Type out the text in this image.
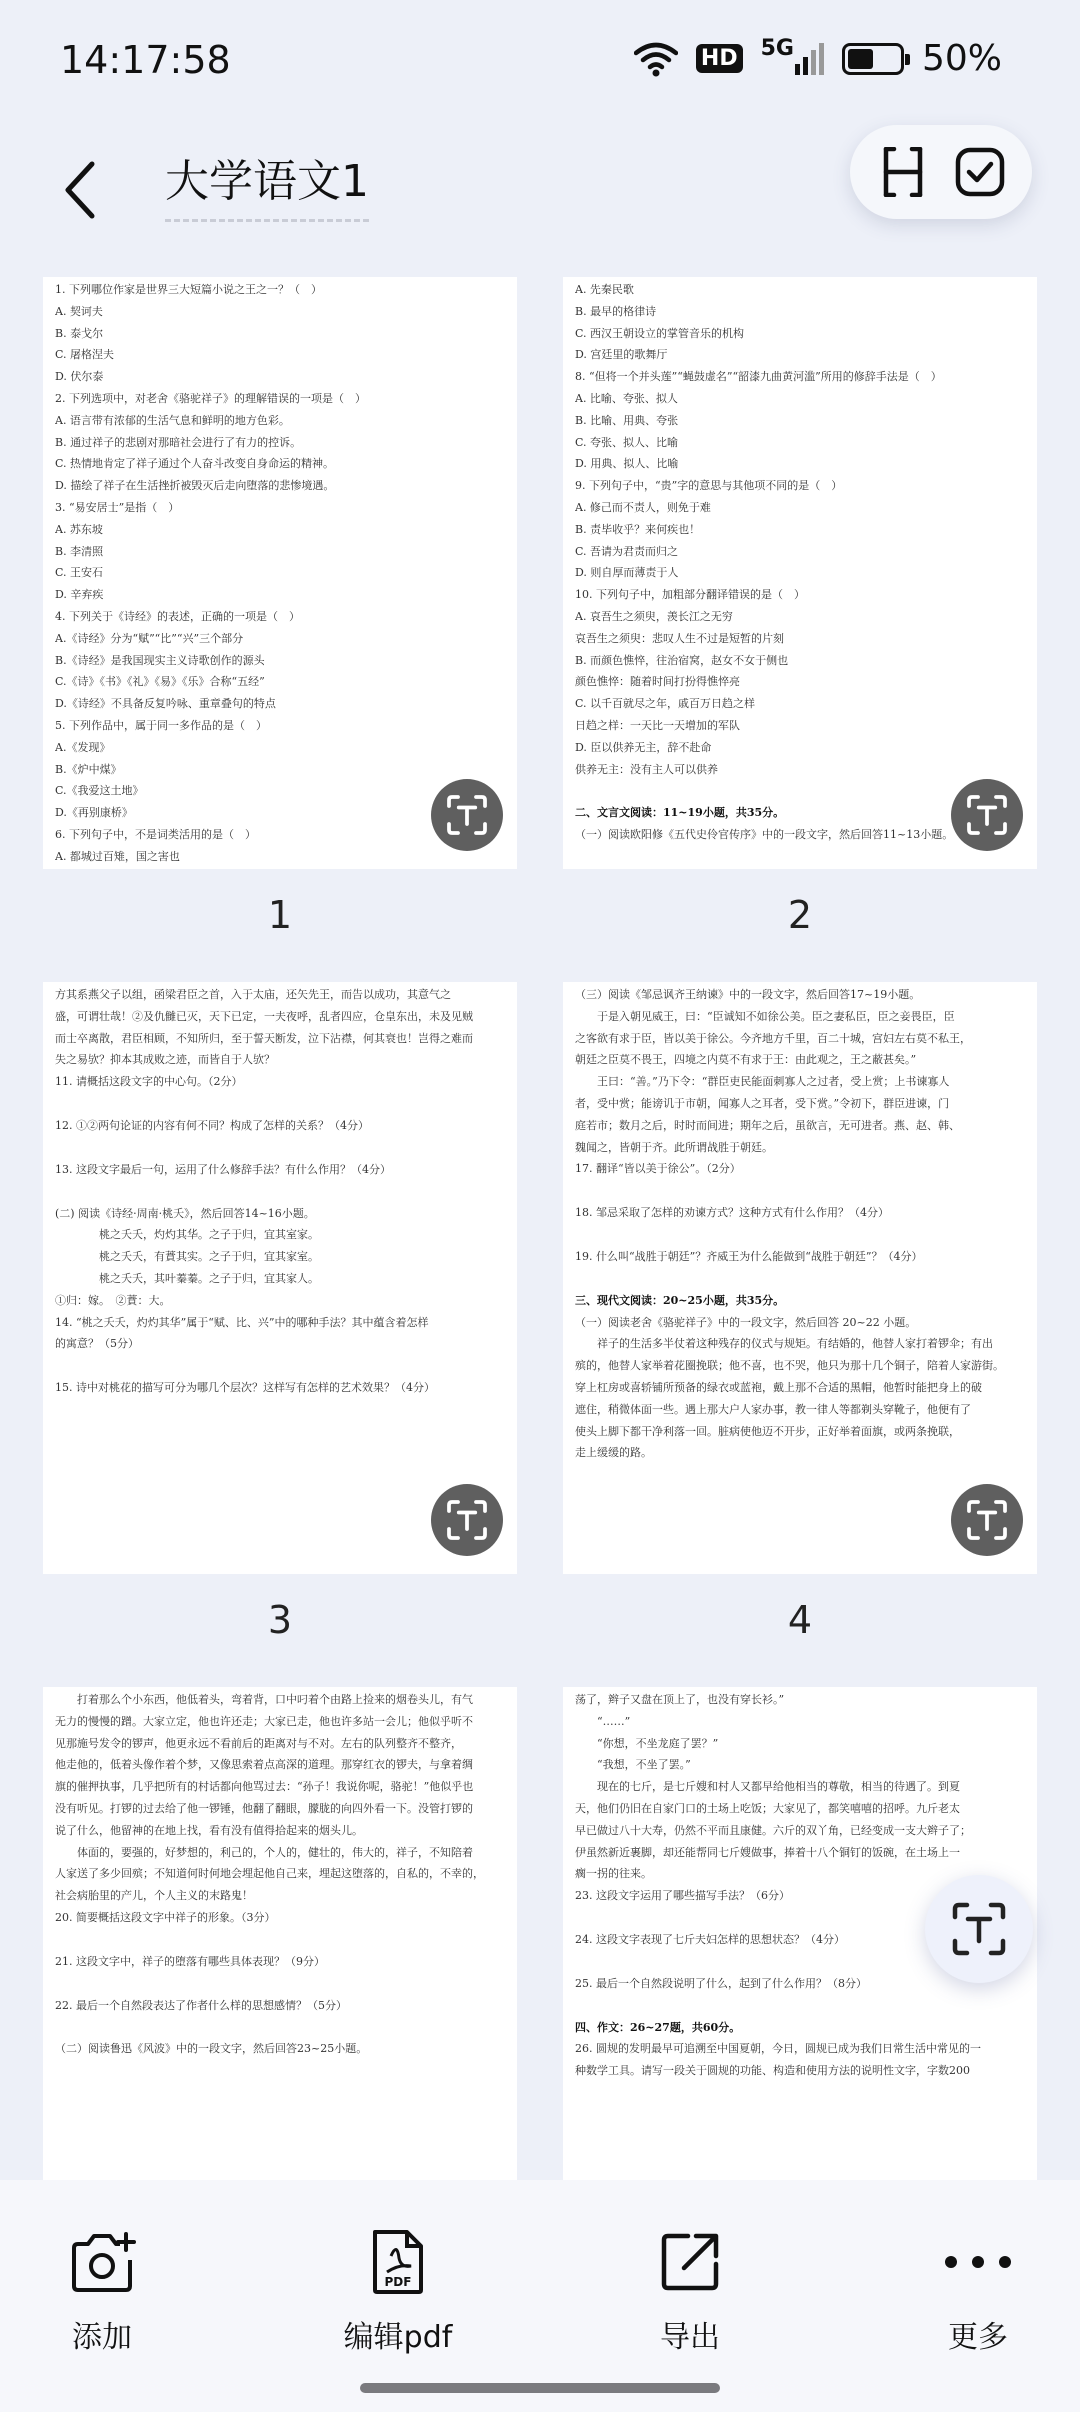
14:17:58	HD 5G	50%
大学语文1
1. 下列哪位作家是世界三大短篇小说之王之一？（　）
A. 契诃夫
B. 泰戈尔
C. 屠格涅夫
D. 伏尔泰
2. 下列选项中，对老舍《骆驼祥子》的理解错误的一项是（　）
A. 语言带有浓郁的生活气息和鲜明的地方色彩。
B. 通过祥子的悲剧对那暗社会进行了有力的控诉。
C. 热情地肯定了祥子通过个人奋斗改变自身命运的精神。
D. 描绘了祥子在生活挫折被毁灭后走向堕落的悲惨境遇。
3. “易安居士”是指（　）
A. 苏东坡
B. 李清照
C. 王安石
D. 辛弃疾
4. 下列关于《诗经》的表述，正确的一项是（　）
A.《诗经》分为“赋”“比”“兴”三个部分
B.《诗经》是我国现实主义诗歌创作的源头
C.《诗》《书》《礼》《易》《乐》合称“五经”
D.《诗经》不具备反复吟咏、重章叠句的特点
5. 下列作品中，属于同一多作品的是（　）
A.《发现》
B.《炉中煤》
C.《我爱这土地》
D.《再别康桥》
6. 下列句子中，不是词类活用的是（　）
A. 都城过百雉，国之害也
1
A. 先秦民歌
B. 最早的格律诗
C. 西汉王朝设立的掌管音乐的机构
D. 宫廷里的歌舞厅
8. “但将一个并头莲”“蝇鼓虚名”“韶漆九曲黄河滥”所用的修辞手法是（　）
A. 比喻、夸张、拟人
B. 比喻、用典、夸张
C. 夸张、拟人、比喻
D. 用典、拟人、比喻
9. 下列句子中，“贵”字的意思与其他项不同的是（　）
A. 修己而不责人，则免于难
B. 责毕收乎？来何疾也！
C. 吾请为君责而归之
D. 则自厚而薄责于人
10. 下列句子中，加粗部分翻译错误的是（　）
A. 哀吾生之须臾，羡长江之无穷
哀吾生之须臾：悲叹人生不过是短暂的片刻
B. 而颜色憔悴，往治宿窝，赵女不女于侧也
颜色憔悴：随着时间打扮得憔悴亮
C. 以千百就尽之年，戚百万日趋之样
日趋之样：一天比一天增加的军队
D. 臣以供养无主，辞不赴命
供养无主：没有主人可以供养
二、文言文阅读：11~19小题，共35分。
（一）阅读欧阳修《五代史伶官传序》中的一段文字，然后回答11~13小题。
2
方其系燕父子以组，函梁君臣之首，入于太庙，还矢先王，而告以成功，其意气之
盛，可谓壮哉！②及仇雠已灭，天下已定，一夫夜呼，乱者四应，仓皇东出，未及见贼
而士卒离散，君臣相顾，不知所归，至于誓天断发，泣下沾襟，何其衰也！岂得之难而
失之易欤？抑本其成败之迹，而皆自于人欤？
11. 请概括这段文字的中心句。（2分）
12. ①②两句论证的内容有何不同？构成了怎样的关系？（4分）
13. 这段文字最后一句，运用了什么修辞手法？有什么作用？（4分）
(二) 阅读《诗经·周南·桃夭》，然后回答14~16小题。
　　　　桃之夭夭，灼灼其华。之子于归，宜其室家。
　　　　桃之夭夭，有蕡其实。之子于归，宜其家室。
　　　　桃之夭夭，其叶蓁蓁。之子于归，宜其家人。
①归：嫁。　②蕡：大。
14. “桃之夭夭，灼灼其华”属于“赋、比、兴”中的哪种手法？其中蕴含着怎样
的寓意？（5分）
15. 诗中对桃花的描写可分为哪几个层次？这样写有怎样的艺术效果？（4分）
3
（三）阅读《邹忌讽齐王纳谏》中的一段文字，然后回答17~19小题。
　　于是入朝见威王，曰：“臣诚知不如徐公美。臣之妻私臣，臣之妾畏臣，臣
之客欲有求于臣，皆以美于徐公。今齐地方千里，百二十城，宫妇左右莫不私王，
朝廷之臣莫不畏王，四境之内莫不有求于王：由此观之，王之蔽甚矣。”
　　王曰：“善。”乃下令：“群臣吏民能面刺寡人之过者，受上赏；上书谏寡人
者，受中赏；能谤讥于市朝，闻寡人之耳者，受下赏。”令初下，群臣进谏，门
庭若市；数月之后，时时而间进；期年之后，虽欲言，无可进者。燕、赵、韩、
魏闻之，皆朝于齐。此所谓战胜于朝廷。
17. 翻译“皆以美于徐公”。（2分）
18. 邹忌采取了怎样的劝谏方式？这种方式有什么作用？（4分）
19. 什么叫“战胜于朝廷”？齐威王为什么能做到“战胜于朝廷”？（4分）
三、现代文阅读：20~25小题，共35分。
（一）阅读老舍《骆驼祥子》中的一段文字，然后回答 20~22 小题。
　　祥子的生活多半仗着这种残存的仪式与规矩。有结婚的，他替人家打着锣伞；有出
殡的，他替人家举着花圈挽联；他不喜，也不哭，他只为那十几个铜子，陪着人家游街。
穿上杠房或喜轿铺所预备的绿衣或蓝袍，戴上那不合适的黑帽，他暂时能把身上的破
遮住，稍微体面一些。遇上那大户人家办事，教一律人等都剃头穿靴子，他便有了
使头上脚下都干净利落一回。脏病使他迈不开步，正好举着面旗，或两条挽联，
走上缓缓的路。
4
　　打着那么个小东西，他低着头，弯着背，口中叼着个由路上捡来的烟卷头儿，有气
无力的慢慢的蹭。大家立定，他也许还走；大家已走，他也许多站一会儿；他似乎听不
见那施号发令的锣声，他更永远不看前后的距离对与不对。左右的队列整齐不整齐，
他走他的，低着头像作着个梦，又像思索着点高深的道理。那穿红衣的锣夫，与拿着绸
旗的催押执事，几乎把所有的村话都向他骂过去：“孙子！我说你呢，骆驼！”他似乎也
没有听见。打锣的过去给了他一锣锤，他翻了翻眼，朦胧的向四外看一下。没管打锣的
说了什么，他留神的在地上找，看有没有值得拾起来的烟头儿。
　　体面的，要强的，好梦想的，利己的，个人的，健壮的，伟大的，祥子，不知陪着
人家送了多少回殡；不知道何时何地会埋起他自己来，埋起这堕落的，自私的，不幸的，
社会病胎里的产儿，个人主义的末路鬼！
20. 简要概括这段文字中祥子的形象。（3分）
21. 这段文字中，祥子的堕落有哪些具体表现？（9分）
22. 最后一个自然段表达了作者什么样的思想感情？（5分）
（二）阅读鲁迅《风波》中的一段文字，然后回答23~25小题。
荡了，辫子又盘在顶上了，也没有穿长衫。”
　　“……”
　　“你想，不坐龙庭了罢？”
　　“我想，不坐了罢。”
　　现在的七斤，是七斤嫂和村人又都早给他相当的尊敬，相当的待遇了。到夏
天，他们仍旧在自家门口的土场上吃饭；大家见了，都笑嘻嘻的招呼。九斤老太
早已做过八十大寿，仍然不平而且康健。六斤的双丫角，已经变成一支大辫子了；
伊虽然新近裹脚，却还能帮同七斤嫂做事，捧着十八个铜钉的饭碗，在土场上一
瘸一拐的往来。
23. 这段文字运用了哪些描写手法？（6分）
24. 这段文字表现了七斤夫妇怎样的思想状态？（4分）
25. 最后一个自然段说明了什么，起到了什么作用？（8分）
四、作文：26~27题，共60分。
26. 圆规的发明最早可追溯至中国夏朝，今日，圆规已成为我们日常生活中常见的一
种数学工具。请写一段关于圆规的功能、构造和使用方法的说明性文字，字数200
添加
PDF
编辑pdf	导出	更多
